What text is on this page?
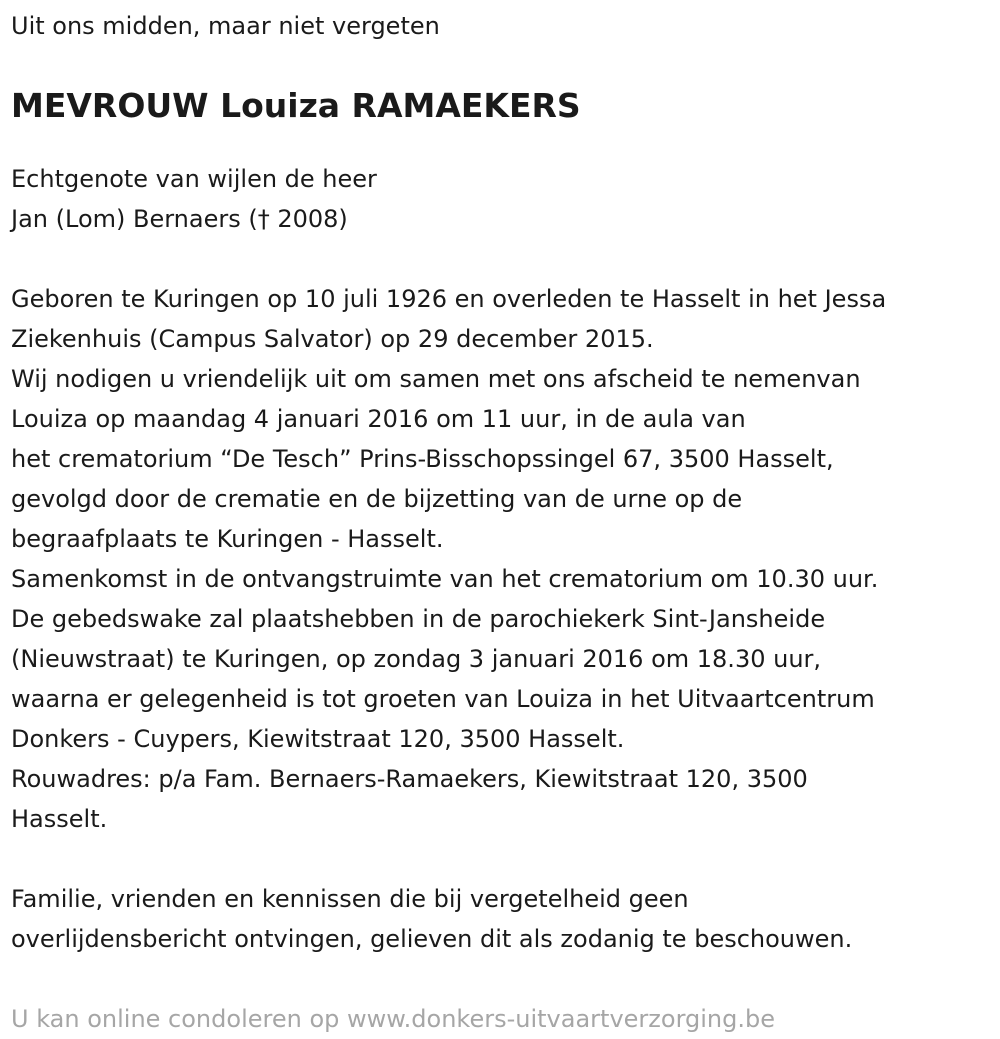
Uit ons midden, maar niet vergeten

MEVROUW Louiza RAMAEKERS

Echtgenote van wijlen de heer

Jan (Lom) Bernaers († 2008)

Geboren te Kuringen op 10 juli 1926 en overleden te Hasselt in het Jessa

Ziekenhuis (Campus Salvator) op 29 december 2015.

Wij nodigen u vriendelijk uit om samen met ons afscheid te nemenvan

Louiza op maandag 4 januari 2016 om 11 uur, in de aula van

het crematorium “De Tesch” Prins-Bisschopssingel 67, 3500 Hasselt,

gevolgd door de crematie en de bijzetting van de urne op de

begraafplaats te Kuringen - Hasselt.

Samenkomst in de ontvangstruimte van het crematorium om 10.30 uur.

De gebedswake zal plaatshebben in de parochiekerk Sint-Jansheide

(Nieuwstraat) te Kuringen, op zondag 3 januari 2016 om 18.30 uur,

waarna er gelegenheid is tot groeten van Louiza in het Uitvaartcentrum

Donkers - Cuypers, Kiewitstraat 120, 3500 Hasselt.

Rouwadres: p/a Fam. Bernaers-Ramaekers, Kiewitstraat 120, 3500

Hasselt.

Familie, vrienden en kennissen die bij vergetelheid geen

overlijdensbericht ontvingen, gelieven dit als zodanig te beschouwen.

U kan online condoleren op www.donkers-uitvaartverzorging.be
